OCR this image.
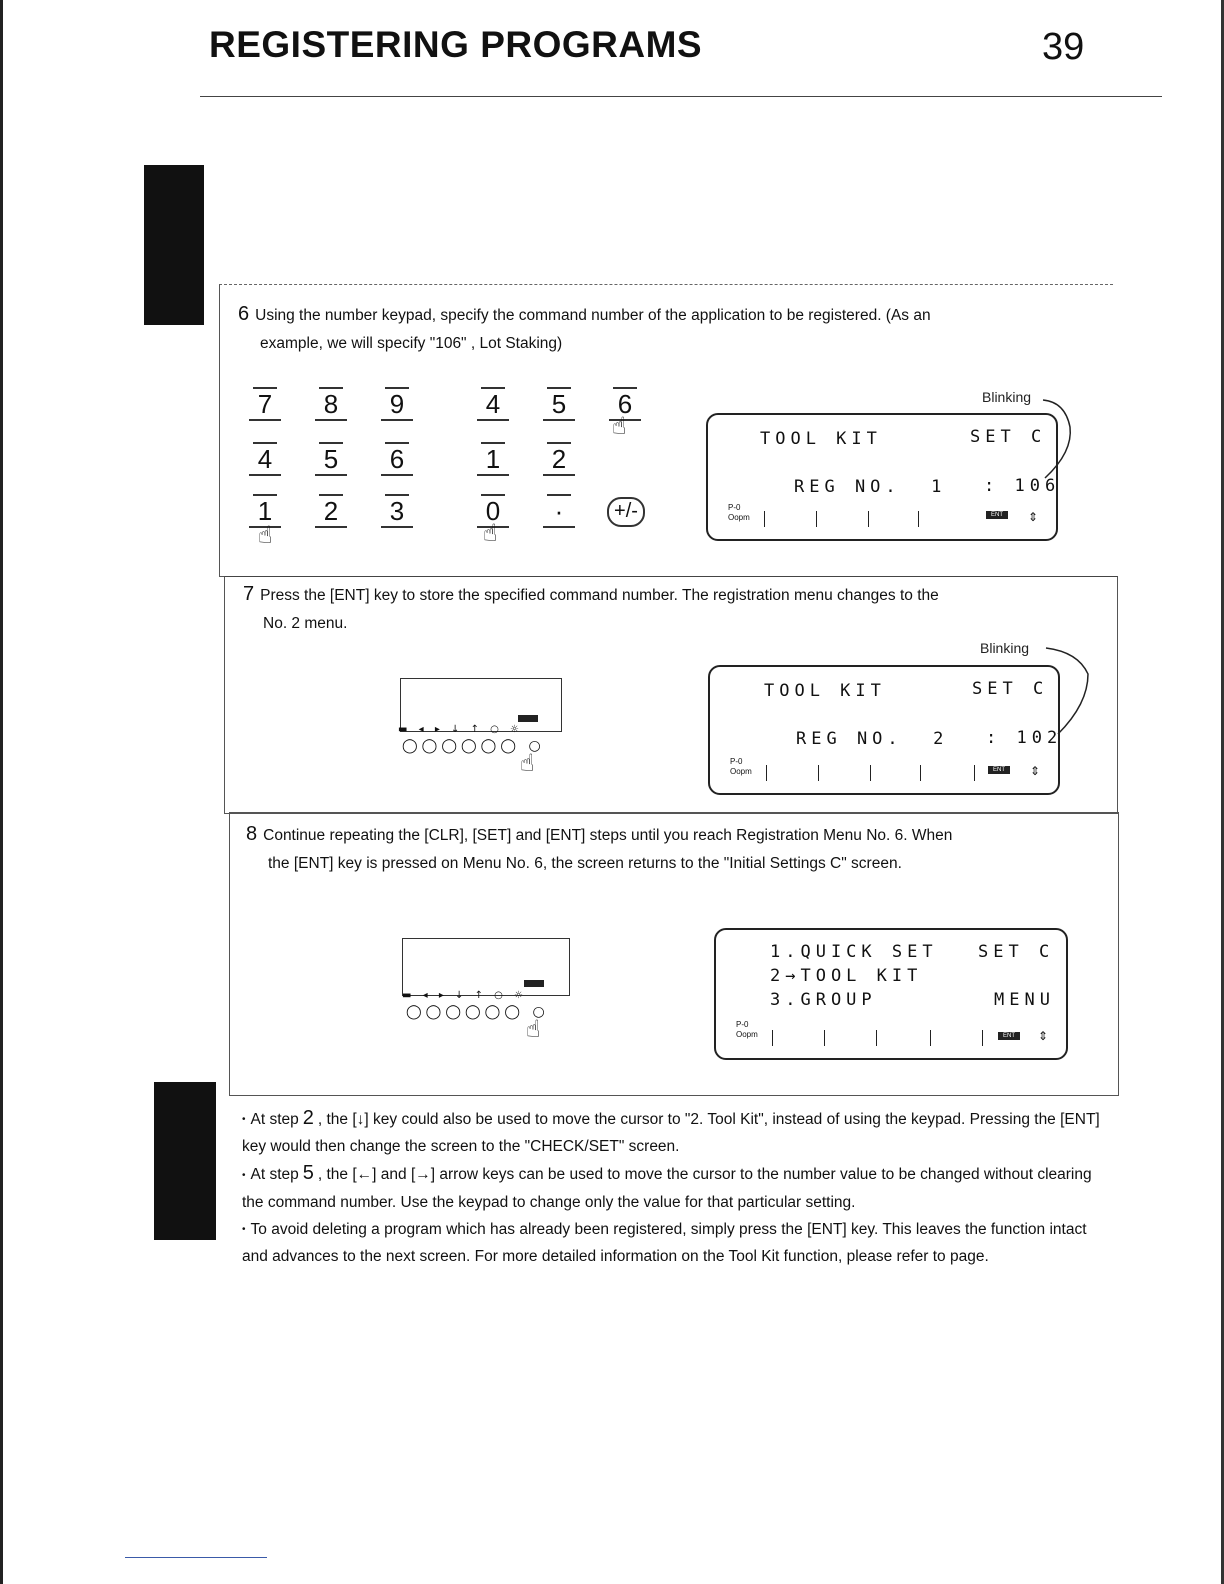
REGISTERING PROGRAMS	39
6 Using the number keypad, specify the command number of the application to be registered. (As an
example, we will specify "106" , Lot Staking)
Blinking
TOOL KIT	SET C
REG NO.  1 : 106
P-0
Oopm	ENT	⇕
7 Press the [ENT] key to store the specified command number. The registration menu changes to the
No. 2 menu.
▬ ◂ ▸ ↓ ↑ ○ ☼
◯◯◯◯◯◯ ○
☝
Blinking
TOOL KIT	SET C
REG NO.  2 : 102
P-0
Oopm	ENT	⇕
8 Continue repeating the [CLR], [SET] and [ENT] steps until you reach Registration Menu No. 6. When
the [ENT] key is pressed on Menu No. 6, the screen returns to the "Initial Settings C" screen.
▬ ◂ ▸ ↓ ↑ ○ ☼
◯◯◯◯◯◯ ○
☝
1.QUICK SET SET C
2→TOOL KIT
3.GROUP	MENU
P-0
Oopm	ENT	⇕
• At step 2 , the [↓] key could also be used to move the cursor to "2. Tool Kit", instead of using the keypad. Pressing the [ENT] key would then change the screen to the "CHECK/SET" screen.
• At step 5 , the [←] and [→] arrow keys can be used to move the cursor to the number value to be changed without clearing the command number. Use the keypad to change only the value for that particular setting.
• To avoid deleting a program which has already been registered, simply press the [ENT] key. This leaves the function intact and advances to the next screen. For more detailed information on the Tool Kit function, please refer to page.
7	8	9
4	5	6
1	2	3
☝
4	5	6
1	2
0	·	+/-
☝
☝
